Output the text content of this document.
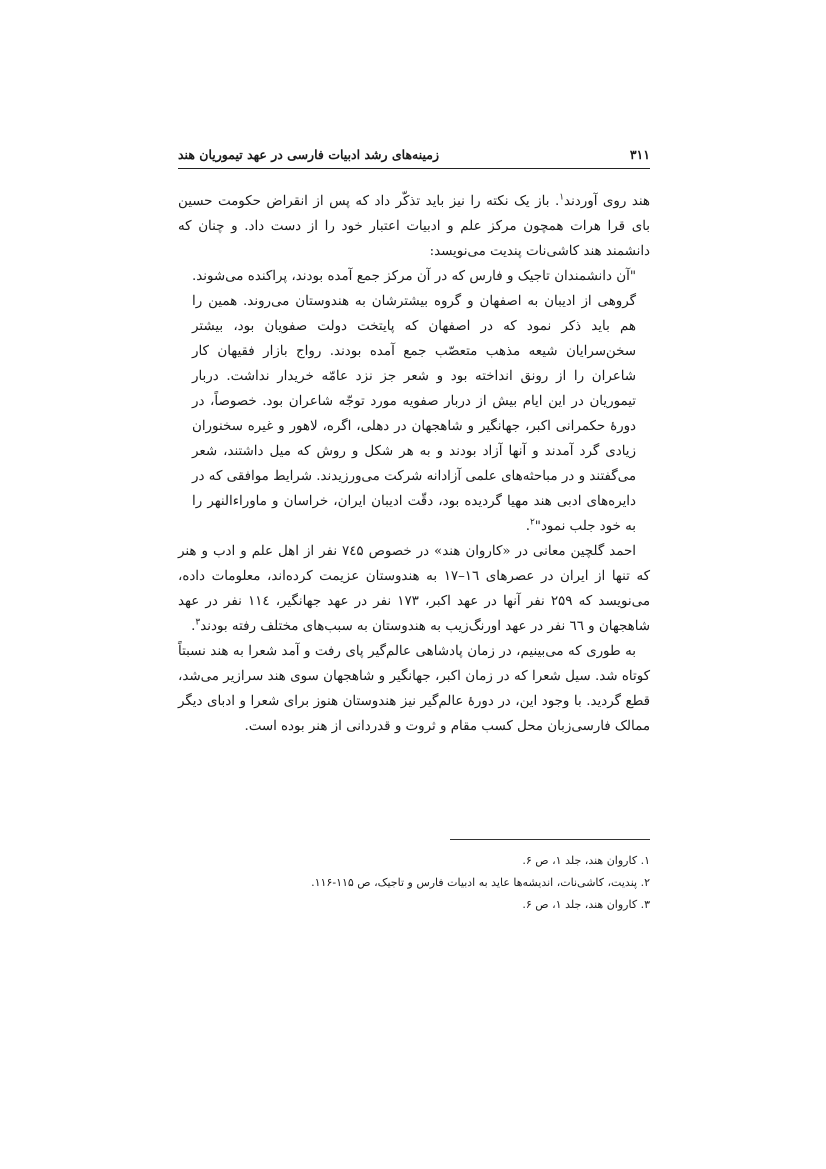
۳۱۱
زمینه‌های رشد ادبیات فارسی در عهد تیموریان هند

هند روی آوردند$^۱$. باز یک نکته را نیز باید تذکّر داد که پس از انقراض حکومت حسین بای قرا هرات همچون مرکز علم و ادبیات اعتبار خود را از دست داد. و چنان که دانشمند هند کاشی‌نات پندیت می‌نویسد:

"آن دانشمندان تاجیک و فارس که در آن مرکز جمع آمده بودند، پراکنده می‌شوند. گروهی از ادیبان به اصفهان و گروه بیشترشان به هندوستان می‌روند. همین را هم باید ذکر نمود که در اصفهان که پایتخت دولت صفویان بود، بیشتر سخن‌سرایان شیعه مذهب متعصّب جمع آمده بودند. رواج بازار فقیهان کار شاعران را از رونق انداخته بود و شعر جز نزد عامّه خریدار نداشت. دربار تیموریان در این ایام بیش از دربار صفویه مورد توجّه شاعران بود. خصوصاً، در دورهٔ حکمرانی اکبر، جهانگیر و شاهجهان در دهلی، اگره، لاهور و غیره سخنوران زیادی گرد آمدند و آنها آزاد بودند و به هر شکل و روش که میل داشتند، شعر می‌گفتند و در مباحثه‌های علمی آزادانه شرکت می‌ورزیدند. شرایط موافقی که در دایره‌های ادبی هند مهیا گردیده بود، دقّت ادیبان ایران، خراسان و ماوراءالنهر را به خود جلب نمود"$^۲$.

احمد گلچین معانی در «کاروان هند» در خصوص ۷٤۵ نفر از اهل علم و ادب و هنر که تنها از ایران در عصرهای ١٦–١٧ به هندوستان عزیمت کرده‌اند، معلومات داده، می‌نویسد که ۲۵۹ نفر آنها در عهد اکبر، ١٧۳ نفر در عهد جهانگیر، ١١٤ نفر در عهد شاهجهان و ٦٦ نفر در عهد اورنگ‌زیب به هندوستان به سبب‌های مختلف رفته بودند$^۳$.

به طوری که می‌بینیم، در زمان پادشاهی عالم‌گیر پای رفت و آمد شعرا به هند نسبتاً کوتاه شد. سیل شعرا که در زمان اکبر، جهانگیر و شاهجهان سوی هند سرازیر می‌شد، قطع گردید. با وجود این، در دورهٔ عالم‌گیر نیز هندوستان هنوز برای شعرا و ادبای دیگر ممالک فارسی‌زبان محل کسب مقام و ثروت و قدردانی از هنر بوده است.

۱. کاروان هند، جلد ۱، ص ۶.

۲. پندیت، کاشی‌نات، اندیشه‌ها عاید به ادبیات فارس و تاجیک، ص ۱۱۵-۱۱۶.

۳. کاروان هند، جلد ۱، ص ۶.
